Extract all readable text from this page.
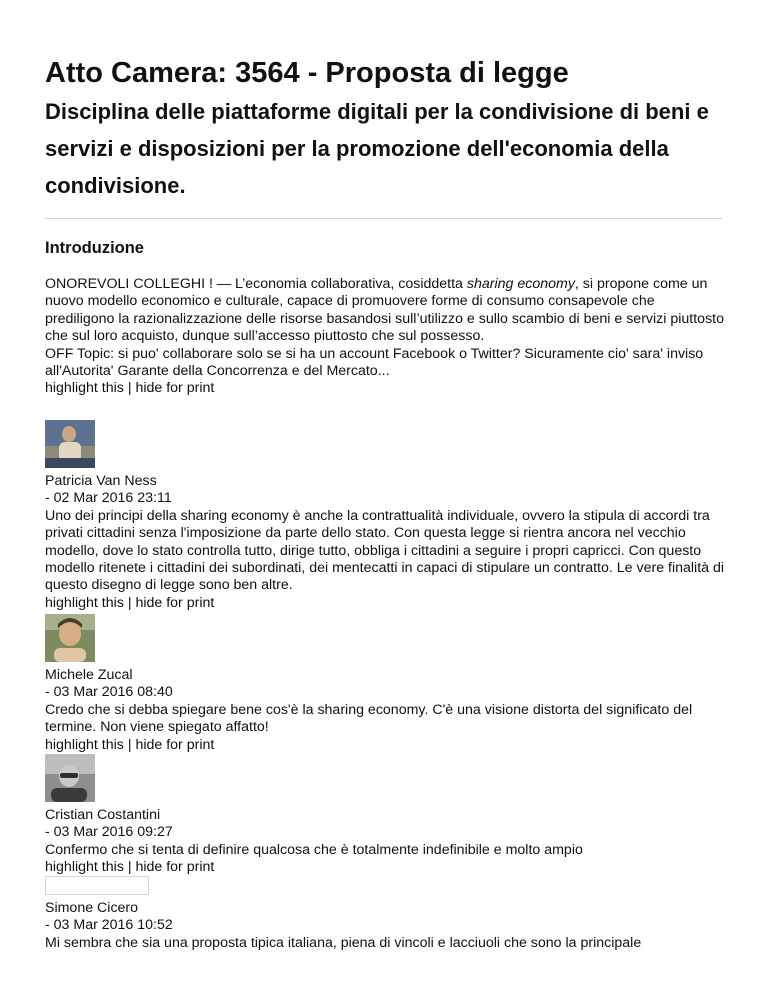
Atto Camera: 3564 - Proposta di legge
Disciplina delle piattaforme digitali per la condivisione di beni e servizi e disposizioni per la promozione dell'economia della condivisione.
Introduzione
ONOREVOLI COLLEGHI ! — L’economia collaborativa, cosiddetta sharing economy, si propone come un nuovo modello economico e culturale, capace di promuovere forme di consumo consapevole che prediligono la razionalizzazione delle risorse basandosi sull’utilizzo e sullo scambio di beni e servizi piuttosto che sul loro acquisto, dunque sull’accesso piuttosto che sul possesso.
OFF Topic: si puo' collaborare solo se si ha un account Facebook o Twitter? Sicuramente cio' sara' inviso all'Autorita' Garante della Concorrenza e del Mercato...
highlight this | hide for print
Patricia Van Ness
- 02 Mar 2016 23:11
Uno dei principi della sharing economy è anche la contrattualità individuale, ovvero la stipula di accordi tra privati cittadini senza l'imposizione da parte dello stato. Con questa legge si rientra ancora nel vecchio modello, dove lo stato controlla tutto, dirige tutto, obbliga i cittadini a seguire i propri capricci. Con questo modello ritenete i cittadini dei subordinati, dei mentecatti in capaci di stipulare un contratto. Le vere finalità di questo disegno di legge sono ben altre.
highlight this | hide for print
Michele Zucal
- 03 Mar 2016 08:40
Credo che si debba spiegare bene cos'è la sharing economy. C'è una visione distorta del significato del termine. Non viene spiegato affatto!
highlight this | hide for print
Cristian Costantini
- 03 Mar 2016 09:27
Confermo che si tenta di definire qualcosa che è totalmente indefinibile e molto ampio
highlight this | hide for print
Simone Cicero
- 03 Mar 2016 10:52
Mi sembra che sia una proposta tipica italiana, piena di vincoli e lacciuoli che sono la principale
